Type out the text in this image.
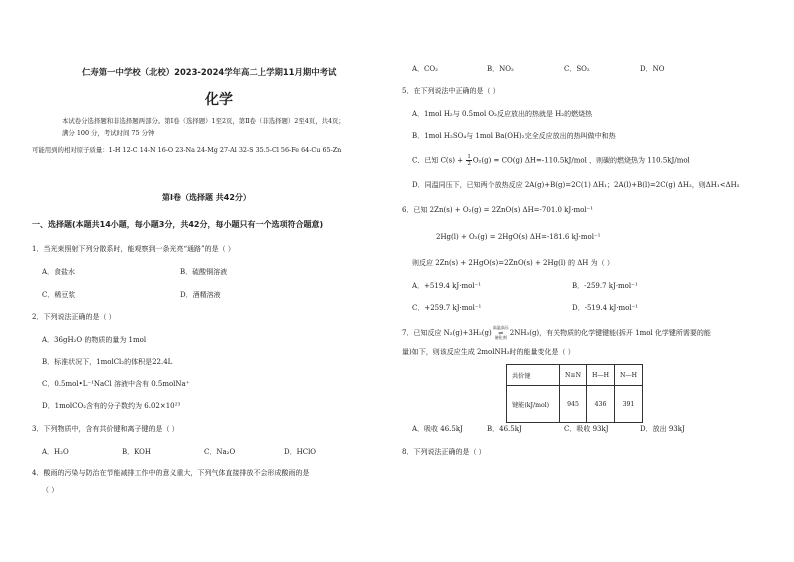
仁寿第一中学校（北校）2023-2024学年高二上学期11月期中考试
化学
本试卷分选择题和非选择题两部分。第Ⅰ卷（选择题）1至2页，第Ⅱ卷（非选择题）2至4页，共4页；
满分 100 分，考试时间 75 分钟
可能用到的相对原子质量：1-H 12-C 14-N 16-O 23-Na 24-Mg 27-Al 32-S 35.5-Cl 56-Fe 64-Cu 65-Zn
第Ⅰ卷（选择题 共42分）
一、选择题(本题共14小题，每小题3分，共42分，每小题只有一个选项符合题意)
1．当光束照射下列分散系时，能观察到一条光亮“通路”的是（ ）
A．食盐水	B．硫酸铜溶液
C．稀豆浆	D．酒精溶液
2．下列说法正确的是（ ）
A．36gH₂O 的物质的量为 1mol
B．标准状况下，1molCl₂的体积是22.4L
C．0.5mol•L⁻¹NaCl 溶液中含有 0.5molNa⁺
D．1molCO₂含有的分子数约为 6.02×10²³
3．下列物质中，含有共价键和离子键的是（ ）
A．H₂O	B．KOH	C．Na₂O	D．HClO
4．酸雨的污染与防治在节能减排工作中的意义重大，下列气体直接排放不会形成酸雨的是
（ ）
A．CO₂	B．NO₂	C．SO₂	D．NO
5．在下列说法中正确的是（ ）
A．1mol H₂与 0.5mol O₂反应放出的热就是 H₂的燃烧热
B．1mol H₂SO₄与 1mol Ba(OH)₂完全反应放出的热叫做中和热
C．已知 $C(s) + \frac{1}{2} O_2(g) = CO(g)$ ΔH=-110.5kJ/mol ，则碳的燃烧热为 110.5kJ/mol
D．同温同压下，已知两个放热反应 2A(g)+B(g)=2C(1) ΔH₁；2A(l)+B(l)=2C(g) ΔH₂，则ΔH₁<ΔH₂
6．已知 2Zn(s) + O₂(g) = 2ZnO(s) ΔH=-701.0 kJ·mol⁻¹
2Hg(l) + O₂(g) = 2HgO(s) ΔH=-181.6 kJ·mol⁻¹
则反应 2Zn(s) + 2HgO(s)=2ZnO(s) + 2Hg(l) 的 ΔH 为（ ）
A．+519.4 kJ·mol⁻¹	B．-259.7 kJ·mol⁻¹
C．+259.7 kJ·mol⁻¹	D．-519.4 kJ·mol⁻¹
7．已知反应 N₂(g)+3H₂(g)
高温高压
⇌
催化剂 2NH₃(g)，有关物质的化学键键能(拆开 1mol 化学键所需要的能
量)如下，则该反应生成 2molNH₃时的能量变化是（ ）
共价键	N≡N	H—H	N—H
键能(kJ/mol)	945	436	391
A．吸收 46.5kJ	B．46.5kJ	C．吸收 93kJ	D．放出 93kJ
8．下列说法正确的是（ ）
